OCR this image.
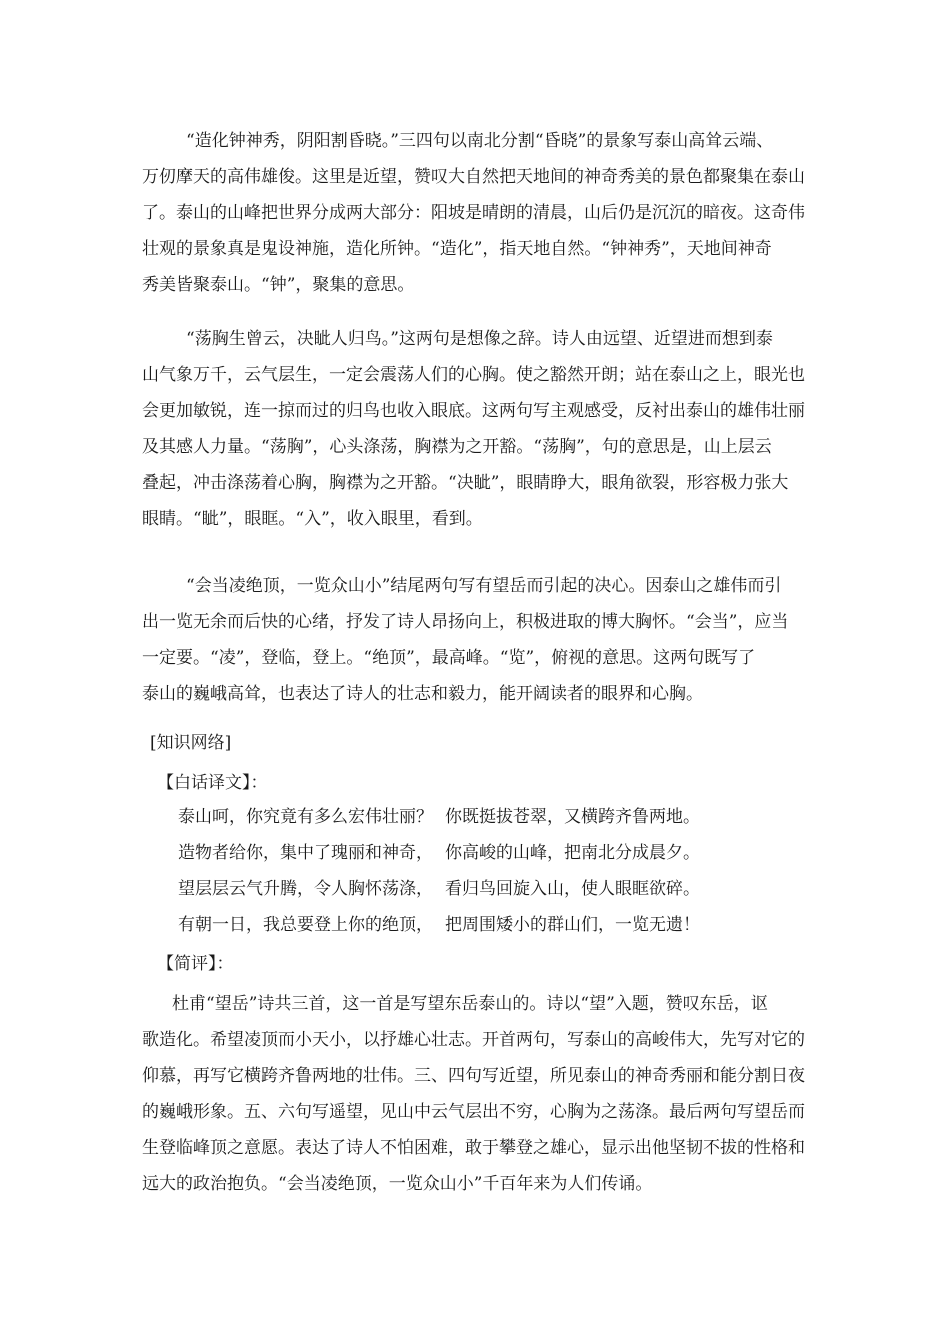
“造化钟神秀，阴阳割昏晓。”三四句以南北分割“昏晓”的景象写泰山高耸云端、
万仞摩天的高伟雄俊。这里是近望，赞叹大自然把天地间的神奇秀美的景色都聚集在泰山
了。泰山的山峰把世界分成两大部分：阳坡是晴朗的清晨，山后仍是沉沉的暗夜。这奇伟
壮观的景象真是鬼设神施，造化所钟。“造化”，指天地自然。“钟神秀”，天地间神奇
秀美皆聚泰山。“钟”，聚集的意思。
“荡胸生曾云，决眦人归鸟。”这两句是想像之辞。诗人由远望、近望进而想到泰
山气象万千，云气层生，一定会震荡人们的心胸。使之豁然开朗；站在泰山之上，眼光也
会更加敏锐，连一掠而过的归鸟也收入眼底。这两句写主观感受，反衬出泰山的雄伟壮丽
及其感人力量。“荡胸”，心头涤荡，胸襟为之开豁。“荡胸”，句的意思是，山上层云
叠起，冲击涤荡着心胸，胸襟为之开豁。“决眦”，眼睛睁大，眼角欲裂，形容极力张大
眼睛。“眦”，眼眶。“入”，收入眼里，看到。
“会当凌绝顶，一览众山小”结尾两句写有望岳而引起的决心。因泰山之雄伟而引
出一览无余而后快的心绪，抒发了诗人昂扬向上，积极进取的博大胸怀。“会当”，应当
一定要。“凌”，登临，登上。“绝顶”，最高峰。“览”，俯视的意思。这两句既写了
泰山的巍峨高耸，也表达了诗人的壮志和毅力，能开阔读者的眼界和心胸。

[知识网络]

【白话译文】：

泰山呵，你究竟有多么宏伟壮丽？ 你既挺拔苍翠，又横跨齐鲁两地。
造物者给你，集中了瑰丽和神奇， 你高峻的山峰，把南北分成晨夕。
望层层云气升腾，令人胸怀荡涤， 看归鸟回旋入山，使人眼眶欲碎。
有朝一日，我总要登上你的绝顶， 把周围矮小的群山们，一览无遗！

【简评】：

杜甫“望岳”诗共三首，这一首是写望东岳泰山的。诗以“望”入题，赞叹东岳，讴
歌造化。希望凌顶而小天小，以抒雄心壮志。开首两句，写泰山的高峻伟大，先写对它的
仰慕，再写它横跨齐鲁两地的壮伟。三、四句写近望，所见泰山的神奇秀丽和能分割日夜
的巍峨形象。五、六句写遥望，见山中云气层出不穷，心胸为之荡涤。最后两句写望岳而
生登临峰顶之意愿。表达了诗人不怕困难，敢于攀登之雄心，显示出他坚韧不拔的性格和
远大的政治抱负。“会当凌绝顶，一览众山小”千百年来为人们传诵。
